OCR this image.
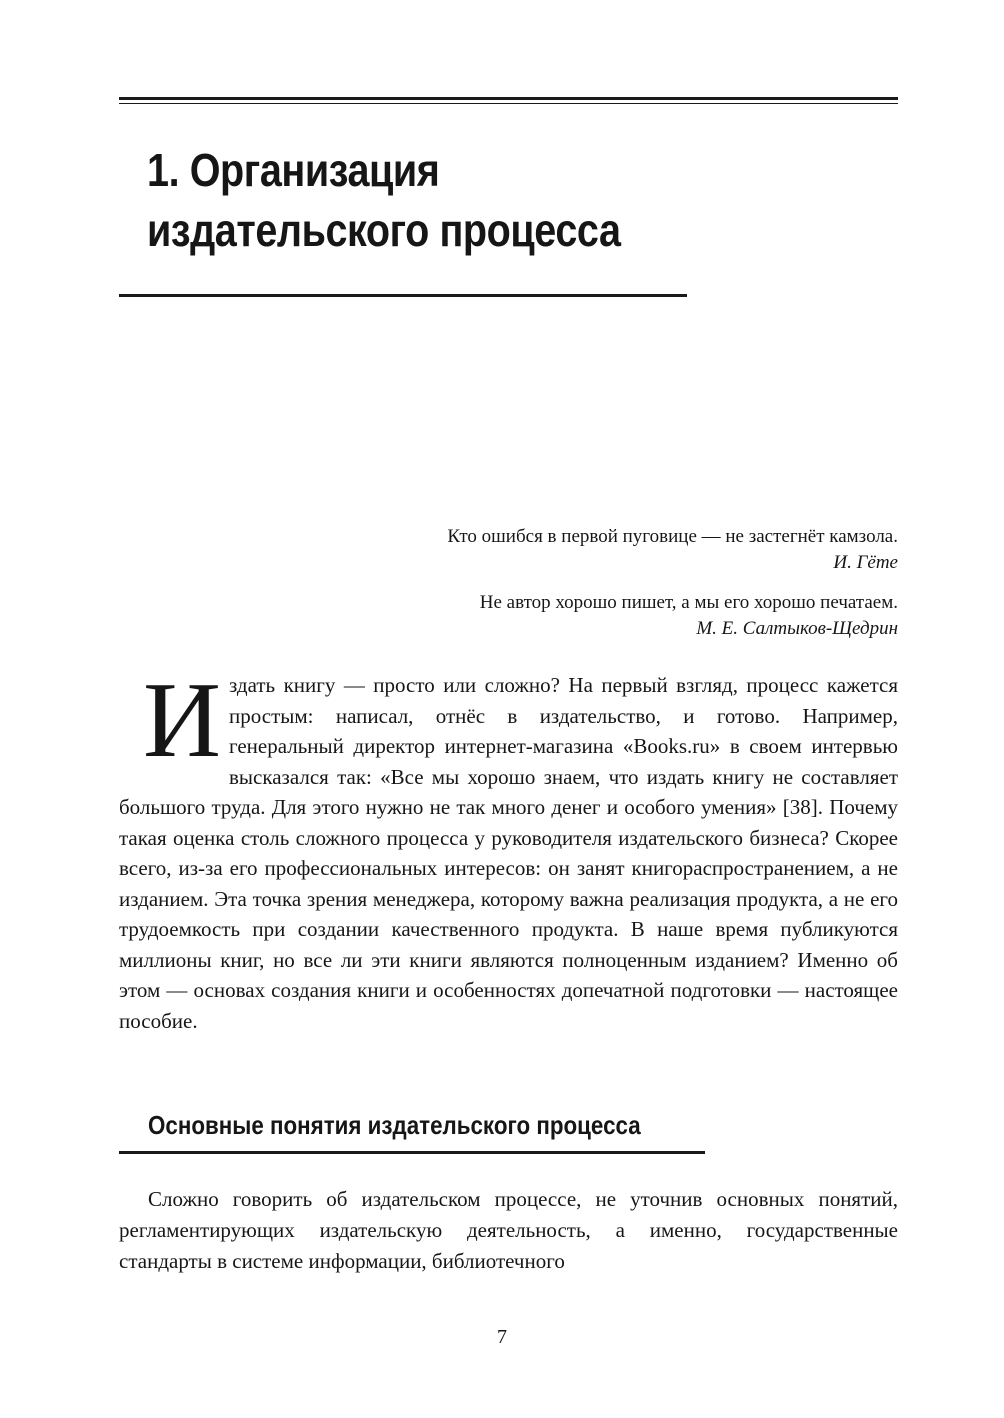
1. Организация
издательского процесса

Кто ошибся в первой пуговице — не застегнёт камзола.
И. Гёте

Не автор хорошо пишет, а мы его хорошо печатаем.
М. Е. Салтыков-Щедрин

Издать книгу — просто или сложно? На первый взгляд, процесс кажется простым: написал, отнёс в издательство, и готово. Например, генеральный директор интернет-магазина «Books.ru» в своем интервью высказался так: «Все мы хорошо знаем, что издать книгу не составляет большого труда. Для этого нужно не так много денег и особого умения» [38]. Почему такая оценка столь сложного процесса у руководителя издательского бизнеса? Скорее всего, из-за его профессиональных интересов: он занят книгораспространением, а не изданием. Эта точка зрения менеджера, которому важна реализация продукта, а не его трудоемкость при создании качественного продукта. В наше время публикуются миллионы книг, но все ли эти книги являются полноценным изданием? Именно об этом — основах создания книги и особенностях допечатной подготовки — настоящее пособие.

Основные понятия издательского процесса

Сложно говорить об издательском процессе, не уточнив основных понятий, регламентирующих издательскую деятельность, а именно, государственные стандарты в системе информации, библиотечного

7
